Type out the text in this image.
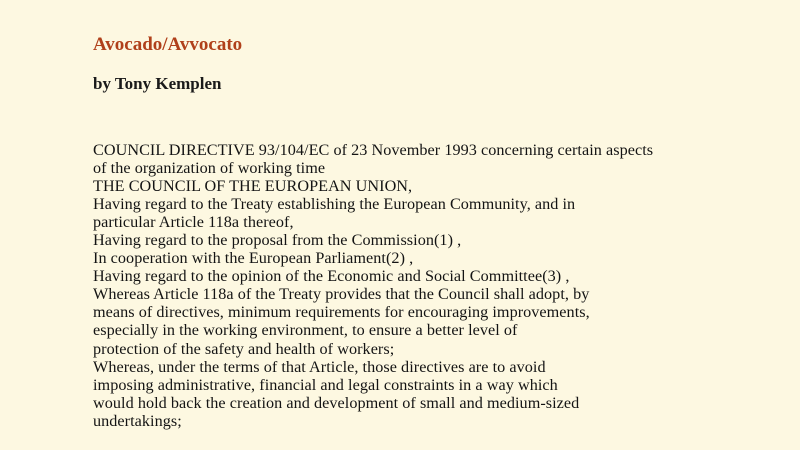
Avocado/Avvocato
by Tony Kemplen
COUNCIL DIRECTIVE 93/104/EC of 23 November 1993 concerning certain aspects
of the organization of working time
THE COUNCIL OF THE EUROPEAN UNION,
Having regard to the Treaty establishing the European Community, and in
particular Article 118a thereof,
Having regard to the proposal from the Commission(1) ,
In cooperation with the European Parliament(2) ,
Having regard to the opinion of the Economic and Social Committee(3) ,
Whereas Article 118a of the Treaty provides that the Council shall adopt, by
means of directives, minimum requirements for encouraging improvements,
especially in the working environment, to ensure a better level of
protection of the safety and health of workers;
Whereas, under the terms of that Article, those directives are to avoid
imposing administrative, financial and legal constraints in a way which
would hold back the creation and development of small and medium-sized
undertakings;
